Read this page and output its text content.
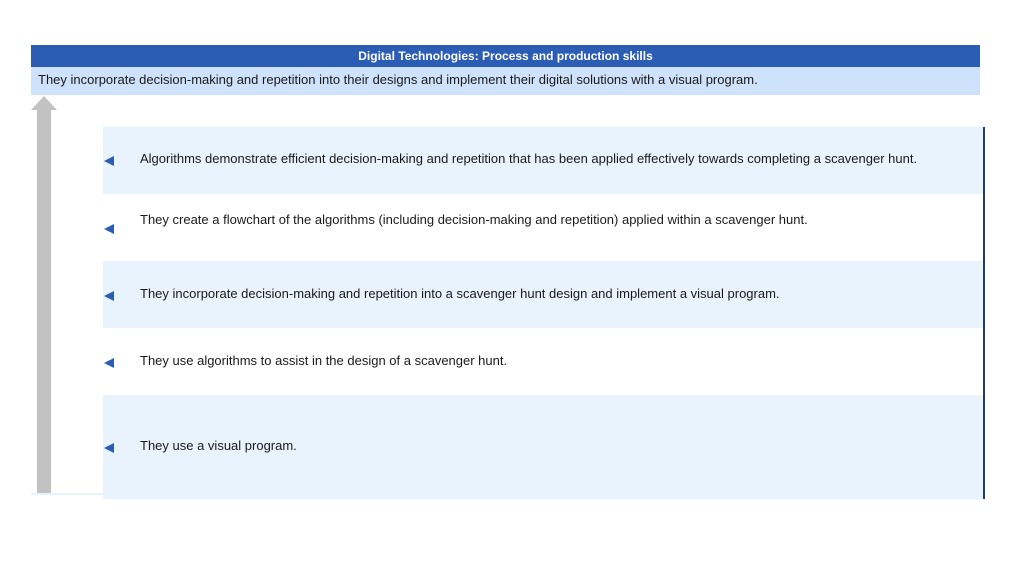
Digital Technologies: Process and production skills
They incorporate decision-making and repetition into their designs and implement their digital solutions with a visual program.
Algorithms demonstrate efficient decision-making and repetition that has been applied effectively towards completing a scavenger hunt.
They create a flowchart of the algorithms (including decision-making and repetition) applied within a scavenger hunt.
They incorporate decision-making and repetition into a scavenger hunt design and implement a visual program.
They use algorithms to assist in the design of a scavenger hunt.
They use a visual program.
